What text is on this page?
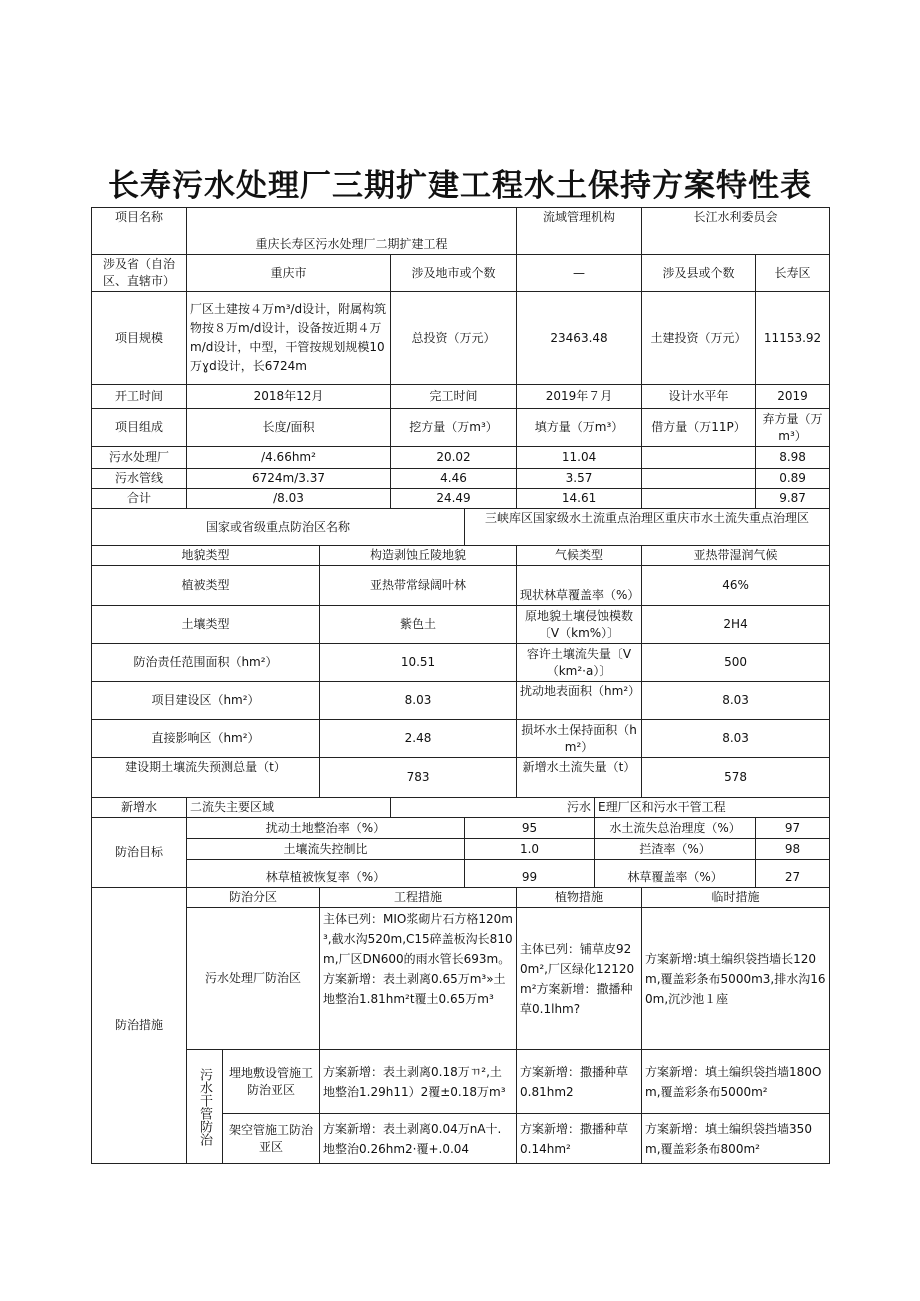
长寿污水处理厂三期扩建工程水土保持方案特性表
项目名称	重庆长寿区污水处理厂二期扩建工程					流域管理机构		长江水利委员会	
涉及省（自治区、直辖市）	重庆市			涉及地市或个数		—		涉及县或个数	长寿区
项目规模	厂区土建按４万m³/d设计，附属构筑物按８万m/d设计，设备按近期４万m/d设计，中型，干管按规划规模10万ɣd设计，长6724m			总投资（万元）		23463.48		土建投资（万元）	11153.92
开工时间	2018年12月			完工时间		2019年７月		设计水平年	2019
项目组成	长度/面积			挖方量（万m³）		填方量（万m³）		借方量（万11P）	弃方量（万m³）
污水处理厂	/4.66hm²			20.02		11.04			8.98
污水管线	6724m/3.37			4.46		3.57			0.89
合计	/8.03			24.49		14.61			9.87
国家或省级重点防治区名称					三峡库区国家级水土流重点治理区重庆市水土流失重点治理区				
地貌类型			构造剥蚀丘陵地貌			气候类型		亚热带湿润气候	
植被类型			亚热带常绿阔叶林			现状林草覆盖率（%）		46%	
土壤类型			紫色土			原地貌土壤侵蚀模数〔V（km%）〕		2H4	
防治责任范围面积（hm²）			10.51			容许土壤流失量〔V（km²·a）〕		500	
项目建设区（hm²）			8.03			扰动地表面积（hm²）		8.03	
直接影响区（hm²）			2.48			损坏水土保持面积（hm²）		8.03	
建设期土壤流失预测总量（t）			783			新增水土流失量（t）		578	
新增水	二流失主要区域			污水			E理厂区和污水干管工程		
防治目标	扰动土地整治率（%）				95		水土流失总治理度（%）		97
	土壤流失控制比				1.0		拦渣率（%）		98
	林草植被恢复率（%）				99		林草覆盖率（%）		27
防治措施	防治分区		工程措施			植物措施		临时措施	
	污水处理厂防治区		主体已列：MIO浆砌片石方格120m³,截水沟520m,C15碎盖板沟长810m,厂区DN600的雨水管长693m。方案新增：表土剥离0.65万m³»土地整治1.81hm²t覆土0.65万m³			主体已列：铺草皮920m²,厂区绿化12120m²方案新增：撒播种草0.1lhm?		方案新增:填土编织袋挡墙长120m,覆盖彩条布5000m3,排水沟160m,沉沙池１座	

	污水干管防治	埋地敷设管施工防治亚区	方案新增：表土剥离0.18万ㄲ²,土地整治1.29h11）2覆±0.18万m³			方案新增：撒播种草0.81hm2		方案新增：填土编织袋挡墙180Om,覆盖彩条布5000m²	
		架空管施工防治亚区	方案新增：表土剥离0.04万nA十.地整治0.26hm2·覆+.0.04			方案新增：撒播种草0.14hm²		方案新增：填土编织袋挡墙350m,覆盖彩条布800m²	
